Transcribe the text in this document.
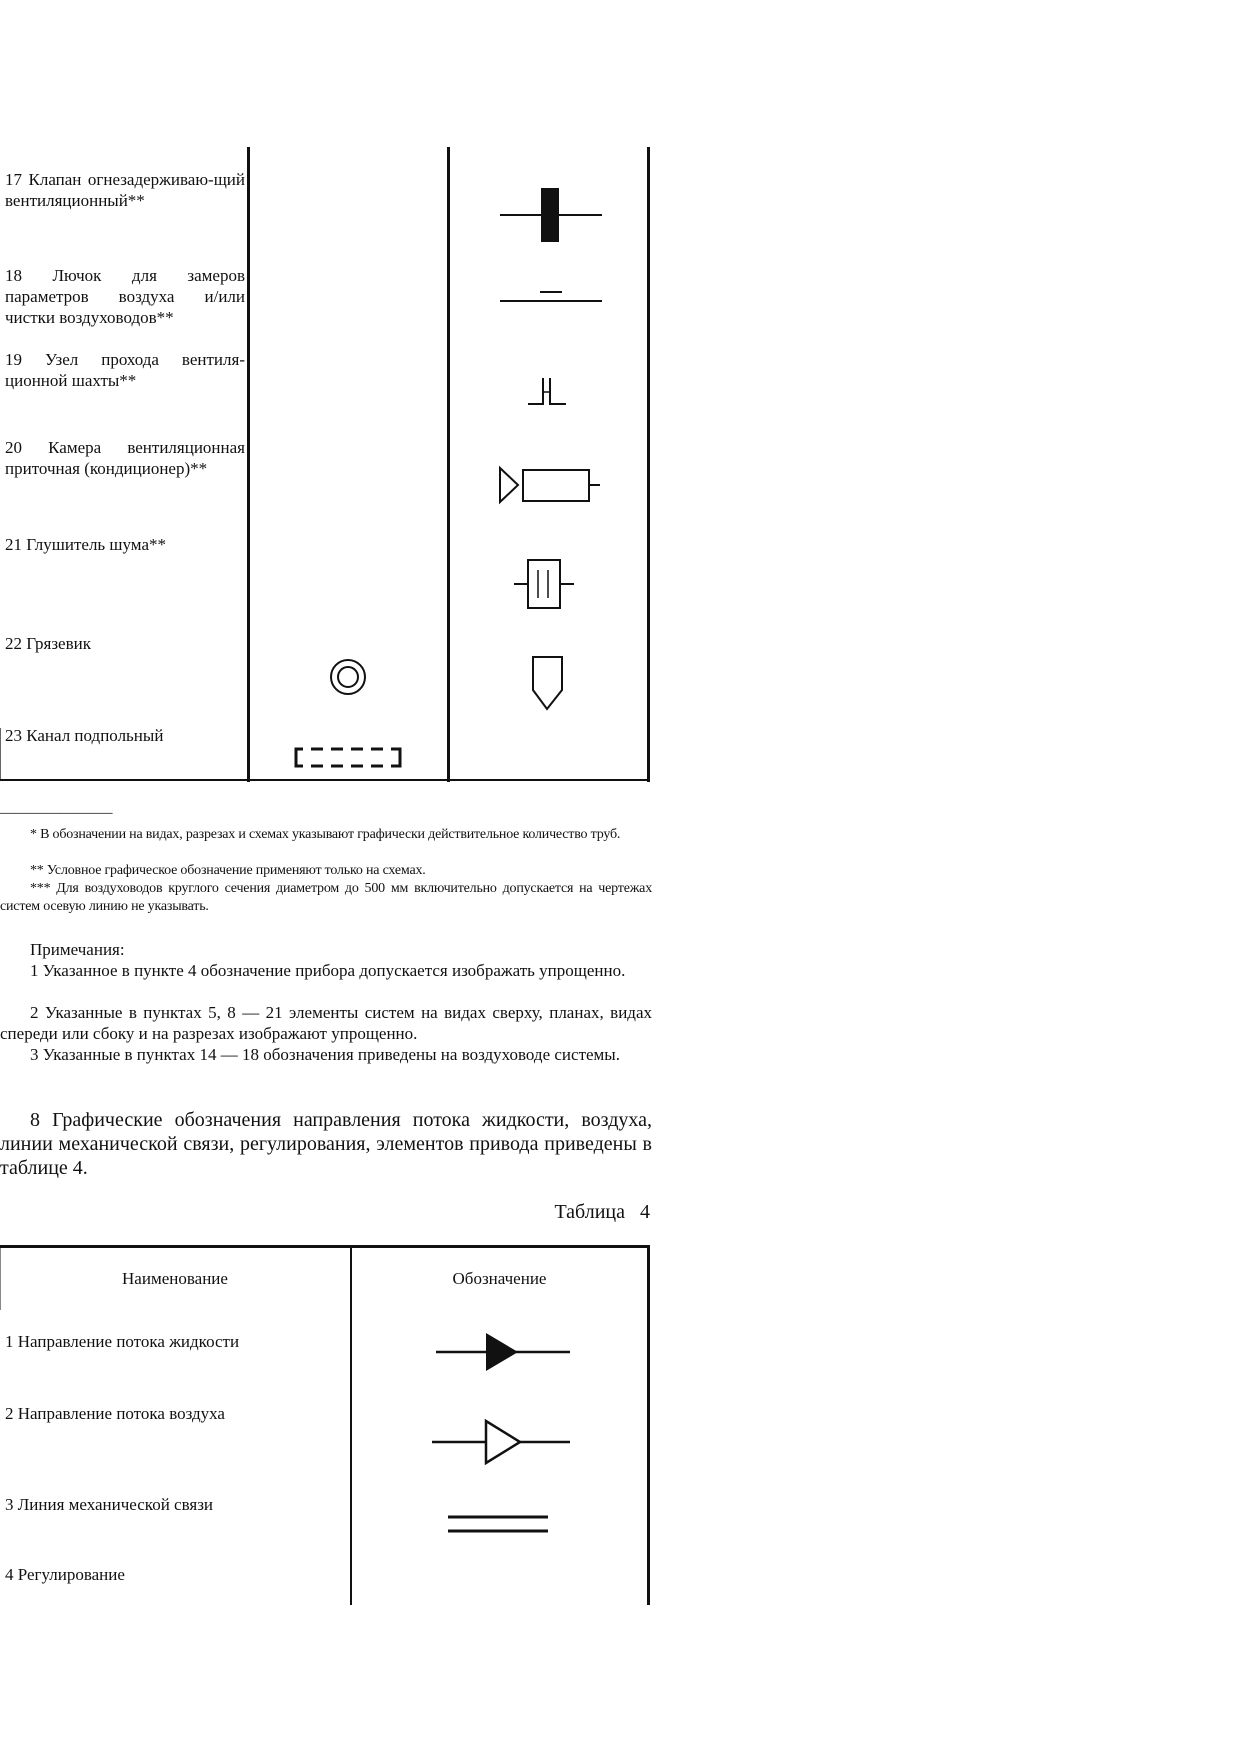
17 Клапан огнезадерживаю-щий вентиляционный**
18 Лючок для замеров параметров воздуха и/или чистки воздуховодов**
19 Узел прохода вентиля-ционной шахты**
20 Камера вентиляционная приточная (кондиционер)**
21 Глушитель шума**
22 Грязевик
23 Канал подпольный
_______________
* В обозначении на видах, разрезах и схемах указывают графически действительное количество труб.
** Условное графическое обозначение применяют только на схемах.
*** Для воздуховодов круглого сечения диаметром до 500 мм включительно допускается на чертежах систем осевую линию не указывать.
Примечания:
1 Указанное в пункте 4 обозначение прибора допускается изображать упрощенно.
2 Указанные в пунктах 5, 8 — 21 элементы систем на видах сверху, планах, видах спереди или сбоку и на разрезах изображают упрощенно.
3 Указанные в пунктах 14 — 18 обозначения приведены на воздуховоде системы.
8 Графические обозначения направления потока жидкости, воздуха, линии механической связи, регулирования, элементов привода приведены в таблице 4.
Таблица 4
Наименование	Обозначение
1 Направление потока жидкости
2 Направление потока воздуха
3 Линия механической связи
4 Регулирование
